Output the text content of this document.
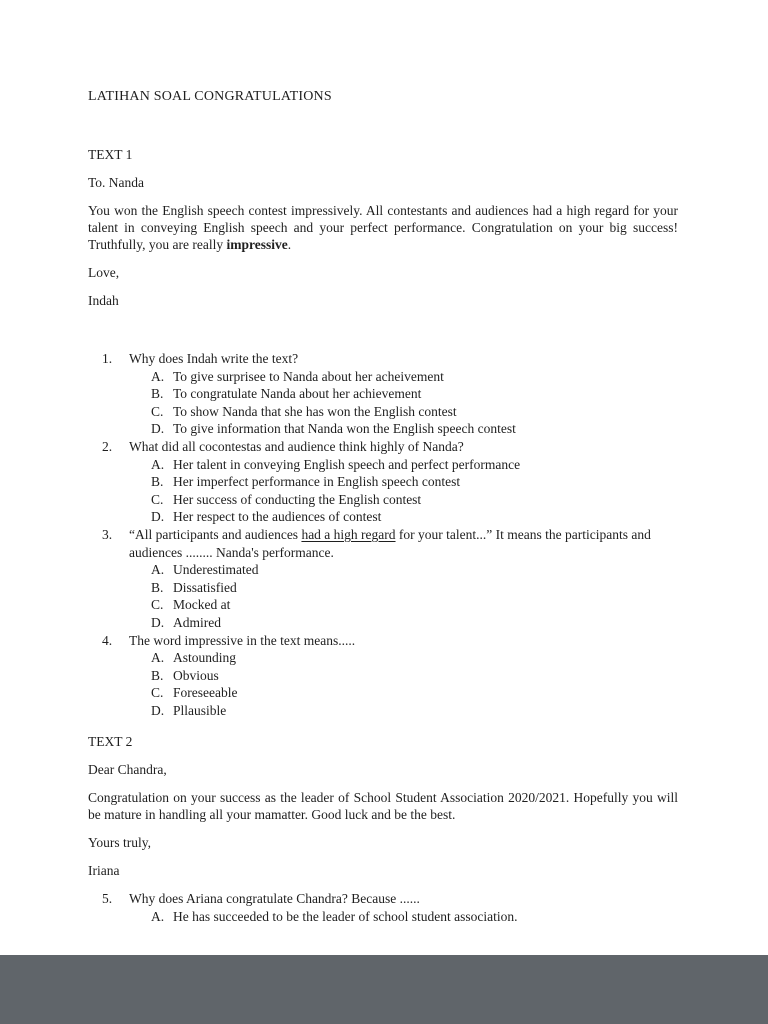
LATIHAN SOAL CONGRATULATIONS

TEXT 1

To. Nanda

You won the English speech contest impressively. All contestants and audiences had a high regard for your talent in conveying English speech and your perfect performance. Congratulation on your big success! Truthfully, you are really impressive.

Love,

Indah

1.	Why does Indah write the text?
A. To give surprisee to Nanda about her acheivement
B. To congratulate Nanda about her achievement
C. To show Nanda that she has won the English contest
D. To give information that Nanda won the English speech contest
2.	What did all cocontestas and audience think highly of Nanda?
A. Her talent in conveying English speech and perfect performance
B. Her imperfect performance in English speech contest
C. Her success of conducting the English contest
D. Her respect to the audiences of contest
3.	“All participants and audiences had a high regard for your talent...” It means the participants and audiences ........ Nanda's performance.
A. Underestimated
B. Dissatisfied
C. Mocked at
D. Admired
4.	The word impressive in the text means.....
A. Astounding
B. Obvious
C. Foreseeable
D. Pllausible

TEXT 2

Dear Chandra,

Congratulation on your success as the leader of School Student Association 2020/2021. Hopefully you will be mature in handling all your mamatter. Good luck and be the best.

Yours truly,

Iriana

5.	Why does Ariana congratulate Chandra? Because ......
A. He has succeeded to be the leader of school student association.
